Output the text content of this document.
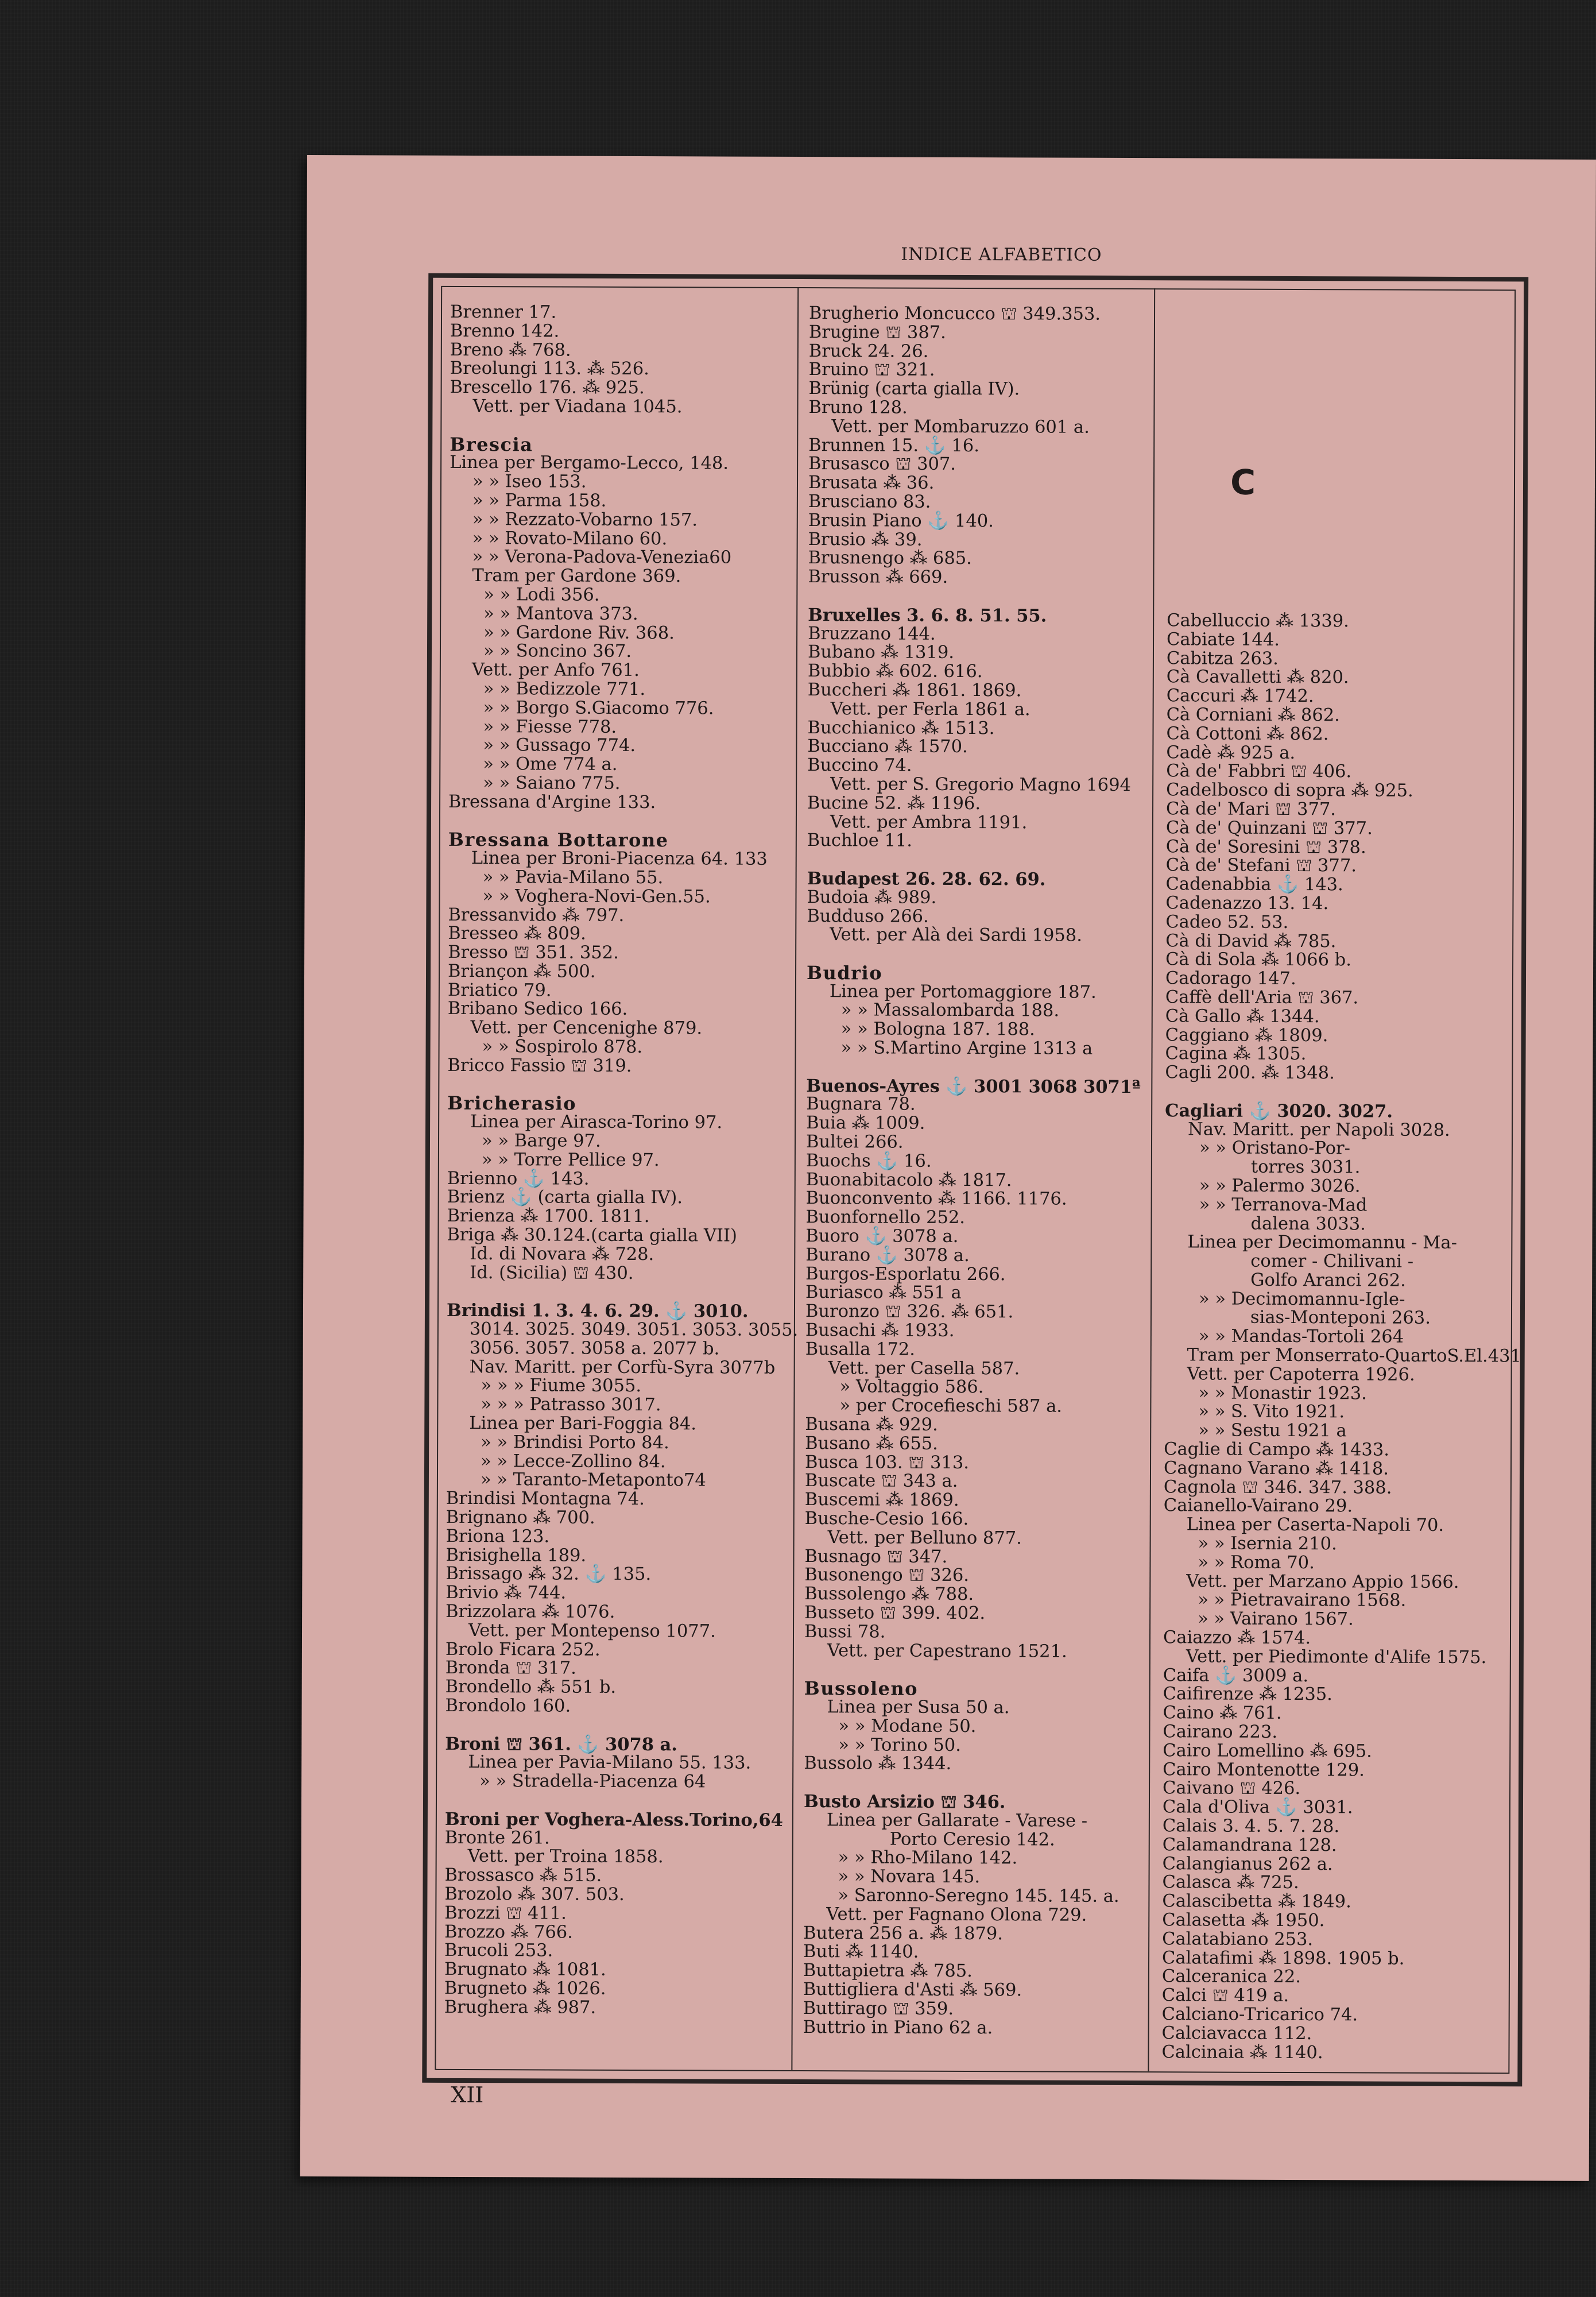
INDICE ALFABETICO
Brenner 17.
Brenno 142.
Breno ⁂ 768.
Breolungi 113. ⁂ 526.
Brescello 176. ⁂ 925.
Vett. per Viadana 1045.
Brescia
Linea per Bergamo-Lecco, 148.
» » Iseo 153.
» » Parma 158.
» » Rezzato-Vobarno 157.
» » Rovato-Milano 60.
» » Verona-Padova-Venezia60
Tram per Gardone 369.
» » Lodi 356.
» » Mantova 373.
» » Gardone Riv. 368.
» » Soncino 367.
Vett. per Anfo 761.
» » Bedizzole 771.
» » Borgo S.Giacomo 776.
» » Fiesse 778.
» » Gussago 774.
» » Ome 774 a.
» » Saiano 775.
Bressana d'Argine 133.
Bressana Bottarone
Linea per Broni-Piacenza 64. 133
» » Pavia-Milano 55.
» » Voghera-Novi-Gen.55.
Bressanvido ⁂ 797.
Bresseo ⁂ 809.
Bresso ⛫ 351. 352.
Briançon ⁂ 500.
Briatico 79.
Bribano Sedico 166.
Vett. per Cencenighe 879.
» » Sospirolo 878.
Bricco Fassio ⛫ 319.
Bricherasio
Linea per Airasca-Torino 97.
» » Barge 97.
» » Torre Pellice 97.
Brienno ⚓ 143.
Brienz ⚓ (carta gialla IV).
Brienza ⁂ 1700. 1811.
Briga ⁂ 30.124.(carta gialla VII)
Id. di Novara ⁂ 728.
Id. (Sicilia) ⛫ 430.
Brindisi 1. 3. 4. 6. 29. ⚓ 3010.
3014. 3025. 3049. 3051. 3053. 3055.
3056. 3057. 3058 a. 2077 b.
Nav. Maritt. per Corfù-Syra 3077b
» » » Fiume 3055.
» » » Patrasso 3017.
Linea per Bari-Foggia 84.
» » Brindisi Porto 84.
» » Lecce-Zollino 84.
» » Taranto-Metaponto74
Brindisi Montagna 74.
Brignano ⁂ 700.
Briona 123.
Brisighella 189.
Brissago ⁂ 32. ⚓ 135.
Brivio ⁂ 744.
Brizzolara ⁂ 1076.
Vett. per Montepenso 1077.
Brolo Ficara 252.
Bronda ⛫ 317.
Brondello ⁂ 551 b.
Brondolo 160.
Broni ⛫ 361. ⚓ 3078 a.
Linea per Pavia-Milano 55. 133.
» » Stradella-Piacenza 64
Broni per Voghera-Aless.Torino,64
Bronte 261.
Vett. per Troina 1858.
Brossasco ⁂ 515.
Brozolo ⁂ 307. 503.
Brozzi ⛫ 411.
Brozzo ⁂ 766.
Brucoli 253.
Brugnato ⁂ 1081.
Brugneto ⁂ 1026.
Brughera ⁂ 987.
Brugherio Moncucco ⛫ 349.353.
Brugine ⛫ 387.
Bruck 24. 26.
Bruino ⛫ 321.
Brünig (carta gialla IV).
Bruno 128.
Vett. per Mombaruzzo 601 a.
Brunnen 15. ⚓ 16.
Brusasco ⛫ 307.
Brusata ⁂ 36.
Brusciano 83.
Brusin Piano ⚓ 140.
Brusio ⁂ 39.
Brusnengo ⁂ 685.
Brusson ⁂ 669.
Bruxelles 3. 6. 8. 51. 55.
Bruzzano 144.
Bubano ⁂ 1319.
Bubbio ⁂ 602. 616.
Buccheri ⁂ 1861. 1869.
Vett. per Ferla 1861 a.
Bucchianico ⁂ 1513.
Bucciano ⁂ 1570.
Buccino 74.
Vett. per S. Gregorio Magno 1694
Bucine 52. ⁂ 1196.
Vett. per Ambra 1191.
Buchloe 11.
Budapest 26. 28. 62. 69.
Budoia ⁂ 989.
Budduso 266.
Vett. per Alà dei Sardi 1958.
Budrio
Linea per Portomaggiore 187.
» » Massalombarda 188.
» » Bologna 187. 188.
» » S.Martino Argine 1313 a
Buenos-Ayres ⚓ 3001 3068 3071ª
Bugnara 78.
Buia ⁂ 1009.
Bultei 266.
Buochs ⚓ 16.
Buonabitacolo ⁂ 1817.
Buonconvento ⁂ 1166. 1176.
Buonfornello 252.
Buoro ⚓ 3078 a.
Burano ⚓ 3078 a.
Burgos-Esporlatu 266.
Buriasco ⁂ 551 a
Buronzo ⛫ 326. ⁂ 651.
Busachi ⁂ 1933.
Busalla 172.
Vett. per Casella 587.
» Voltaggio 586.
» per Croceﬁeschi 587 a.
Busana ⁂ 929.
Busano ⁂ 655.
Busca 103. ⛫ 313.
Buscate ⛫ 343 a.
Buscemi ⁂ 1869.
Busche-Cesio 166.
Vett. per Belluno 877.
Busnago ⛫ 347.
Busonengo ⛫ 326.
Bussolengo ⁂ 788.
Busseto ⛫ 399. 402.
Bussi 78.
Vett. per Capestrano 1521.
Bussoleno
Linea per Susa 50 a.
» » Modane 50.
» » Torino 50.
Bussolo ⁂ 1344.
Busto Arsizio ⛫ 346.
Linea per Gallarate - Varese -
Porto Ceresio 142.
» » Rho-Milano 142.
» » Novara 145.
» Saronno-Seregno 145. 145. a.
Vett. per Fagnano Olona 729.
Butera 256 a. ⁂ 1879.
Buti ⁂ 1140.
Buttapietra ⁂ 785.
Buttigliera d'Asti ⁂ 569.
Buttirago ⛫ 359.
Buttrio in Piano 62 a.
Cabelluccio ⁂ 1339.
Cabiate 144.
Cabitza 263.
Cà Cavalletti ⁂ 820.
Caccuri ⁂ 1742.
Cà Corniani ⁂ 862.
Cà Cottoni ⁂ 862.
Cadè ⁂ 925 a.
Cà de' Fabbri ⛫ 406.
Cadelbosco di sopra ⁂ 925.
Cà de' Mari ⛫ 377.
Cà de' Quinzani ⛫ 377.
Cà de' Soresini ⛫ 378.
Cà de' Stefani ⛫ 377.
Cadenabbia ⚓ 143.
Cadenazzo 13. 14.
Cadeo 52. 53.
Cà di David ⁂ 785.
Cà di Sola ⁂ 1066 b.
Cadorago 147.
Caffè dell'Aria ⛫ 367.
Cà Gallo ⁂ 1344.
Caggiano ⁂ 1809.
Cagina ⁂ 1305.
Cagli 200. ⁂ 1348.
Cagliari ⚓ 3020. 3027.
Nav. Maritt. per Napoli 3028.
» » Oristano-Por-
torres 3031.
» » Palermo 3026.
» » Terranova-Mad
dalena 3033.
Linea per Decimomannu - Ma-
comer - Chilivani -
Golfo Aranci 262.
» » Decimomannu-Igle-
sias-Monteponi 263.
» » Mandas-Tortoli 264
Tram per Monserrato-QuartoS.El.431
Vett. per Capoterra 1926.
» » Monastir 1923.
» » S. Vito 1921.
» » Sestu 1921 a
Caglie di Campo ⁂ 1433.
Cagnano Varano ⁂ 1418.
Cagnola ⛫ 346. 347. 388.
Caianello-Vairano 29.
Linea per Caserta-Napoli 70.
» » Isernia 210.
» » Roma 70.
Vett. per Marzano Appio 1566.
» » Pietravairano 1568.
» » Vairano 1567.
Caiazzo ⁂ 1574.
Vett. per Piedimonte d'Alife 1575.
Caifa ⚓ 3009 a.
Caifirenze ⁂ 1235.
Caino ⁂ 761.
Cairano 223.
Cairo Lomellino ⁂ 695.
Cairo Montenotte 129.
Caivano ⛫ 426.
Cala d'Oliva ⚓ 3031.
Calais 3. 4. 5. 7. 28.
Calamandrana 128.
Calangianus 262 a.
Calasca ⁂ 725.
Calascibetta ⁂ 1849.
Calasetta ⁂ 1950.
Calatabiano 253.
Calatafimi ⁂ 1898. 1905 b.
Calceranica 22.
Calci ⛫ 419 a.
Calciano-Tricarico 74.
Calciavacca 112.
Calcinaia ⁂ 1140.
C
XII
